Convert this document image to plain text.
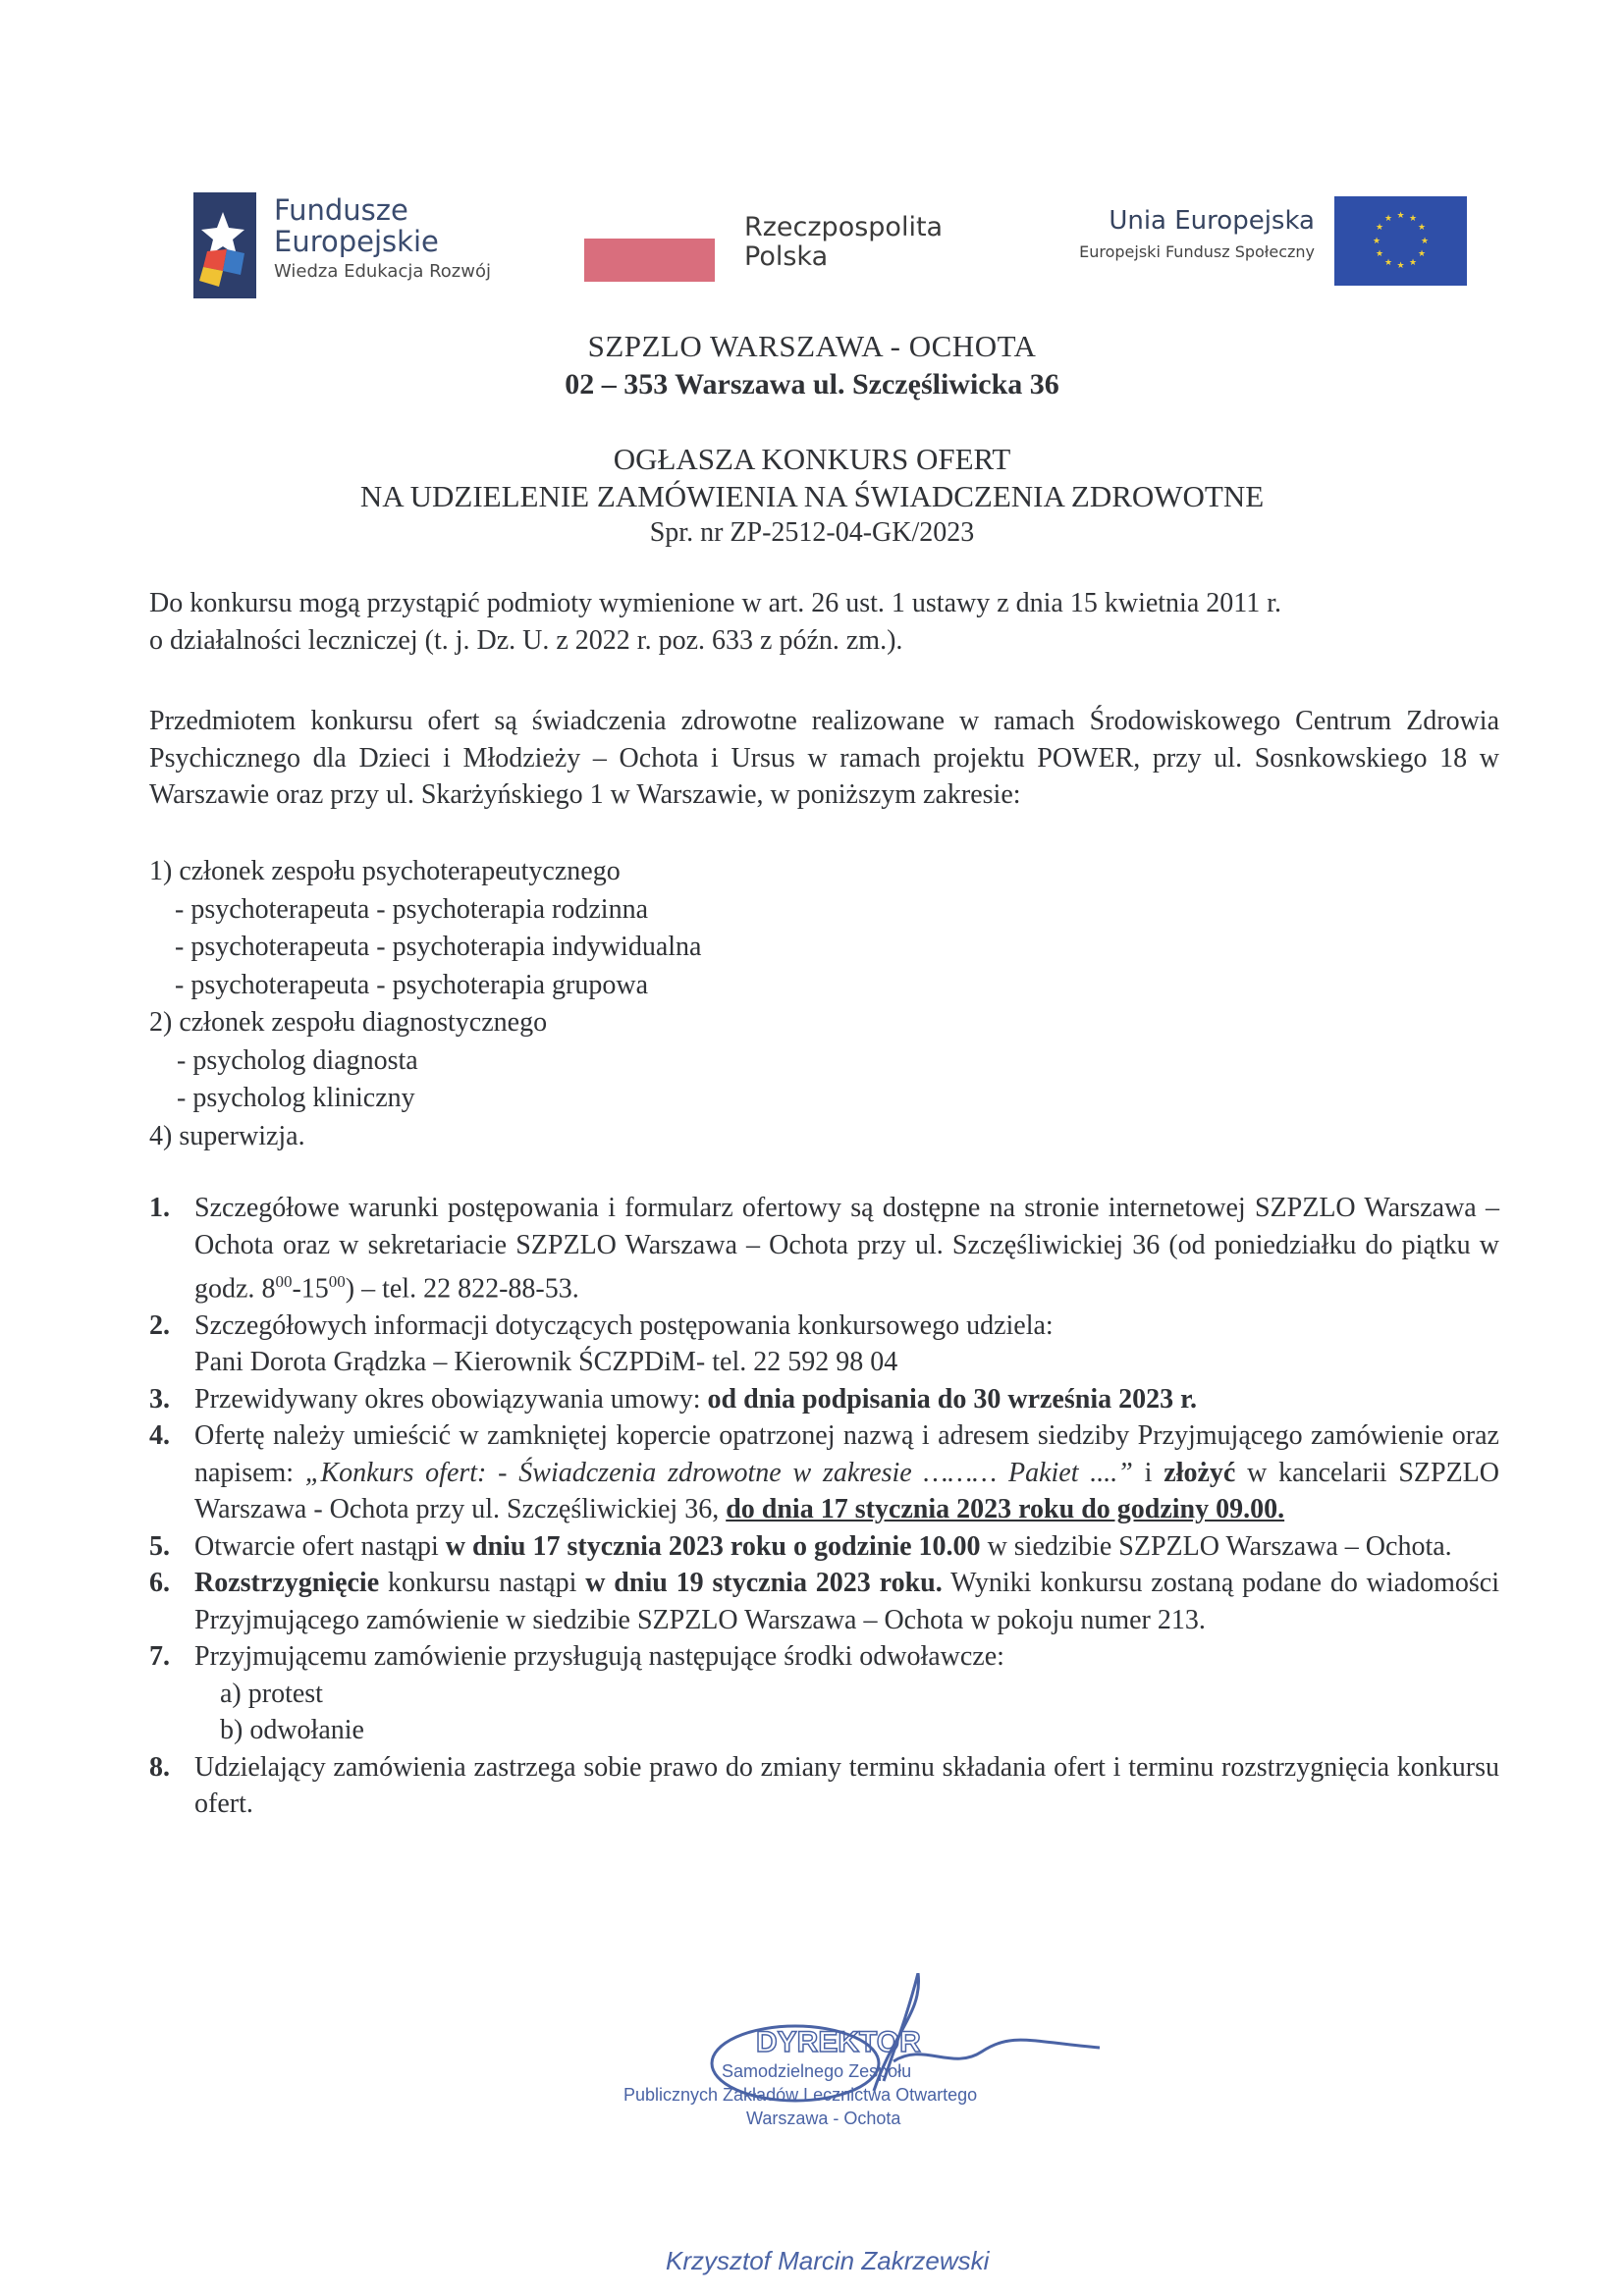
Fundusze
Europejskie
Wiedza Edukacja Rozwój
Rzeczpospolita
Polska
Unia Europejska
Europejski Fundusz Społeczny
★ ★
★
★
★
★
★
★
★
★
★
★
SZPZLO WARSZAWA - OCHOTA
02 – 353 Warszawa ul. Szczęśliwicka 36
OGŁASZA KONKURS OFERT
NA UDZIELENIE ZAMÓWIENIA NA ŚWIADCZENIA ZDROWOTNE
Spr. nr ZP-2512-04-GK/2023
Do konkursu mogą przystąpić podmioty wymienione w art. 26 ust. 1 ustawy z dnia 15 kwietnia 2011 r.
o działalności leczniczej (t. j. Dz. U. z 2022 r. poz. 633 z późn. zm.).
Przedmiotem konkursu ofert są świadczenia zdrowotne realizowane w ramach Środowiskowego Centrum Zdrowia Psychicznego dla Dzieci i Młodzieży – Ochota i Ursus w ramach projektu POWER, przy ul. Sosnkowskiego 18 w Warszawie oraz przy ul. Skarżyńskiego 1 w Warszawie, w poniższym zakresie:
1) członek zespołu psychoterapeutycznego
- psychoterapeuta - psychoterapia rodzinna
- psychoterapeuta - psychoterapia indywidualna
- psychoterapeuta - psychoterapia grupowa
2) członek zespołu diagnostycznego
- psycholog diagnosta
- psycholog kliniczny
4) superwizja.
1. Szczegółowe warunki postępowania i formularz ofertowy są dostępne na stronie internetowej SZPZLO Warszawa – Ochota oraz w sekretariacie SZPZLO Warszawa – Ochota przy ul. Szczęśliwickiej 36 (od poniedziałku do piątku w godz. $8^{00}-15^{00}$) – tel. 22 822-88-53.
2. Szczegółowych informacji dotyczących postępowania konkursowego udziela:
Pani Dorota Grądzka – Kierownik ŚCZPDiM- tel. 22 592 98 04
3. Przewidywany okres obowiązywania umowy: od dnia podpisania do 30 września 2023 r.
4. Ofertę należy umieścić w zamkniętej kopercie opatrzonej nazwą i adresem siedziby Przyjmującego zamówienie oraz napisem: „Konkurs ofert: - Świadczenia zdrowotne w zakresie ……… Pakiet ....” i złożyć w kancelarii SZPZLO Warszawa - Ochota przy ul. Szczęśliwickiej 36, do dnia 17 stycznia 2023 roku do godziny 09.00.
5. Otwarcie ofert nastąpi w dniu 17 stycznia 2023 roku o godzinie 10.00 w siedzibie SZPZLO Warszawa – Ochota.
6. Rozstrzygnięcie konkursu nastąpi w dniu 19 stycznia 2023 roku. Wyniki konkursu zostaną podane do wiadomości Przyjmującego zamówienie w siedzibie SZPZLO Warszawa – Ochota w pokoju numer 213.
7. Przyjmującemu zamówienie przysługują następujące środki odwoławcze:
a) protest
b) odwołanie
8. Udzielający zamówienia zastrzega sobie prawo do zmiany terminu składania ofert i terminu rozstrzygnięcia konkursu ofert.
DYREKTOR
Samodzielnego Zespołu
Publicznych Zakładów Lecznictwa Otwartego
Warszawa - Ochota
Krzysztof Marcin Zakrzewski
